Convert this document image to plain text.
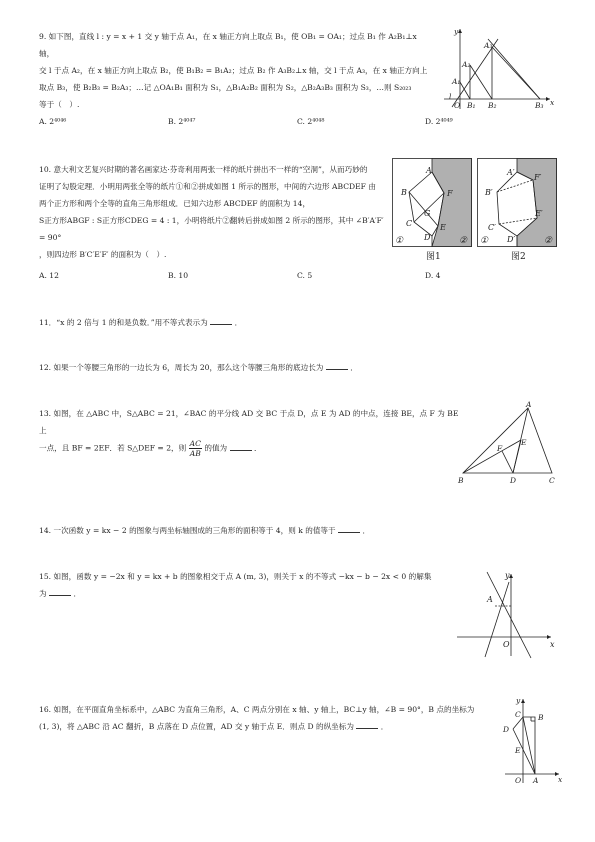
9. 如下图，直线 l : y = x + 1 交 y 轴于点 A₁，在 x 轴正方向上取点 B₁，使 OB₁ = OA₁；过点 B₁ 作 A₂B₁⊥x 轴，
交 l 于点 A₂，在 x 轴正方向上取点 B₂，使 B₁B₂ = B₁A₂；过点 B₂ 作 A₃B₂⊥x 轴，交 l 于点 A₃，在 x 轴正方向上
取点 B₃，使 B₂B₃ = B₂A₃；…记 △OA₁B₁ 面积为 S₁，△B₁A₂B₂ 面积为 S₂，△B₂A₃B₃ 面积为 S₃，…则 S₂₀₂₃
等于（　）.
A. 2⁴⁰⁴⁶	B. 2⁴⁰⁴⁷	C. 2⁴⁰⁴⁸	D. 2⁴⁰⁴⁹
y
A₃
A₂
A₁
O B₁ B₂	B₃ x
l
10. 意大利文艺复兴时期的著名画家达·芬奇利用两张一样的纸片拼出不一样的“空洞”，从而巧妙的
证明了勾股定理．小明用两张全等的纸片①和②拼成如图 1 所示的图形，中间的六边形 ABCDEF 由
两个正方形和两个全等的直角三角形组成．已知六边形 ABCDEF 的面积为 14，
S正方形ABGF : S正方形CDEG = 4 : 1，小明将纸片②翻转后拼成如图 2 所示的图形，其中 ∠B′A′F′ = 90°
，则四边形 B′C′E′F′ 的面积为（　）.
A. 12	B. 10	C. 5	D. 4
A
B	F
G
C	E
D
①	②
图1
A′
F′
B′
E′
C′
D′
①	②
图2
11．“x 的 2 倍与 1 的和是负数．”用不等式表示为	．
12. 如果一个等腰三角形的一边长为 6，周长为 20，那么这个等腰三角形的底边长为	．
13. 如图，在 △ABC 中，S△ABC = 21，∠BAC 的平分线 AD 交 BC 于点 D，点 E 为 AD 的中点，连接 BE，点 F 为 BE 上
一点，且 BF = 2EF．若 S△DEF = 2，则 $\frac{AC}{AB}$ 的值为	．
A
E
F
B	D	C
14. 一次函数 y = kx − 2 的图象与两坐标轴围成的三角形的面积等于 4，则 k 的值等于	．
15. 如图，函数 y = −2x 和 y = kx + b 的图象相交于点 A (m, 3)，则关于 x 的不等式 −kx − b − 2x < 0 的解集
为	．
y
A
O	x
16. 如图，在平面直角坐标系中，△ABC 为直角三角形，A、C 两点分别在 x 轴、y 轴上，BC⊥y 轴，∠B = 90°，B 点的坐标为
(1, 3)，将 △ABC 沿 AC 翻折，B 点落在 D 点位置，AD 交 y 轴于点 E．则点 D 的纵坐标为	．
y
C B
D
E
O A	x
